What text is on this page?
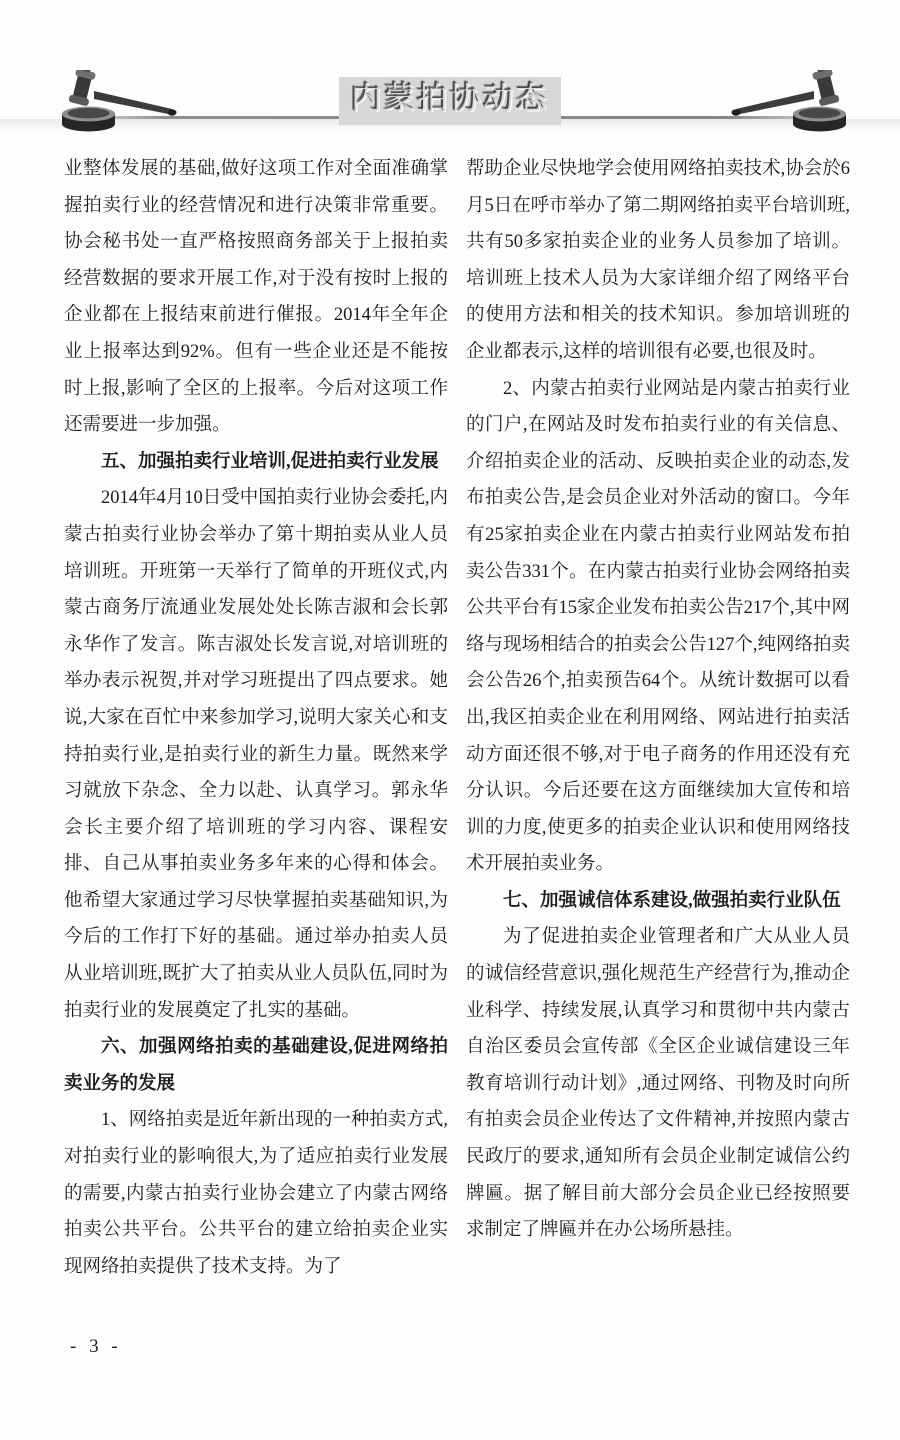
内蒙拍协动态

业整体发展的基础,做好这项工作对全面准确掌握拍卖行业的经营情况和进行决策非常重要。协会秘书处一直严格按照商务部关于上报拍卖经营数据的要求开展工作,对于没有按时上报的企业都在上报结束前进行催报。2014年全年企业上报率达到92%。但有一些企业还是不能按时上报,影响了全区的上报率。今后对这项工作还需要进一步加强。

五、加强拍卖行业培训,促进拍卖行业发展

2014年4月10日受中国拍卖行业协会委托,内蒙古拍卖行业协会举办了第十期拍卖从业人员培训班。开班第一天举行了简单的开班仪式,内蒙古商务厅流通业发展处处长陈吉淑和会长郭永华作了发言。陈吉淑处长发言说,对培训班的举办表示祝贺,并对学习班提出了四点要求。她说,大家在百忙中来参加学习,说明大家关心和支持拍卖行业,是拍卖行业的新生力量。既然来学习就放下杂念、全力以赴、认真学习。郭永华会长主要介绍了培训班的学习内容、课程安排、自己从事拍卖业务多年来的心得和体会。他希望大家通过学习尽快掌握拍卖基础知识,为今后的工作打下好的基础。通过举办拍卖人员从业培训班,既扩大了拍卖从业人员队伍,同时为拍卖行业的发展奠定了扎实的基础。

六、加强网络拍卖的基础建设,促进网络拍卖业务的发展

1、网络拍卖是近年新出现的一种拍卖方式,对拍卖行业的影响很大,为了适应拍卖行业发展的需要,内蒙古拍卖行业协会建立了内蒙古网络拍卖公共平台。公共平台的建立给拍卖企业实现网络拍卖提供了技术支持。为了

帮助企业尽快地学会使用网络拍卖技术,协会於6月5日在呼市举办了第二期网络拍卖平台培训班,共有50多家拍卖企业的业务人员参加了培训。培训班上技术人员为大家详细介绍了网络平台的使用方法和相关的技术知识。参加培训班的企业都表示,这样的培训很有必要,也很及时。

2、内蒙古拍卖行业网站是内蒙古拍卖行业的门户,在网站及时发布拍卖行业的有关信息、介绍拍卖企业的活动、反映拍卖企业的动态,发布拍卖公告,是会员企业对外活动的窗口。今年有25家拍卖企业在内蒙古拍卖行业网站发布拍卖公告331个。在内蒙古拍卖行业协会网络拍卖公共平台有15家企业发布拍卖公告217个,其中网络与现场相结合的拍卖会公告127个,纯网络拍卖会公告26个,拍卖预告64个。从统计数据可以看出,我区拍卖企业在利用网络、网站进行拍卖活动方面还很不够,对于电子商务的作用还没有充分认识。今后还要在这方面继续加大宣传和培训的力度,使更多的拍卖企业认识和使用网络技术开展拍卖业务。

七、加强诚信体系建设,做强拍卖行业队伍

为了促进拍卖企业管理者和广大从业人员的诚信经营意识,强化规范生产经营行为,推动企业科学、持续发展,认真学习和贯彻中共内蒙古自治区委员会宣传部《全区企业诚信建设三年教育培训行动计划》,通过网络、刊物及时向所有拍卖会员企业传达了文件精神,并按照内蒙古民政厅的要求,通知所有会员企业制定诚信公约牌匾。据了解目前大部分会员企业已经按照要求制定了牌匾并在办公场所悬挂。

- 3 -
